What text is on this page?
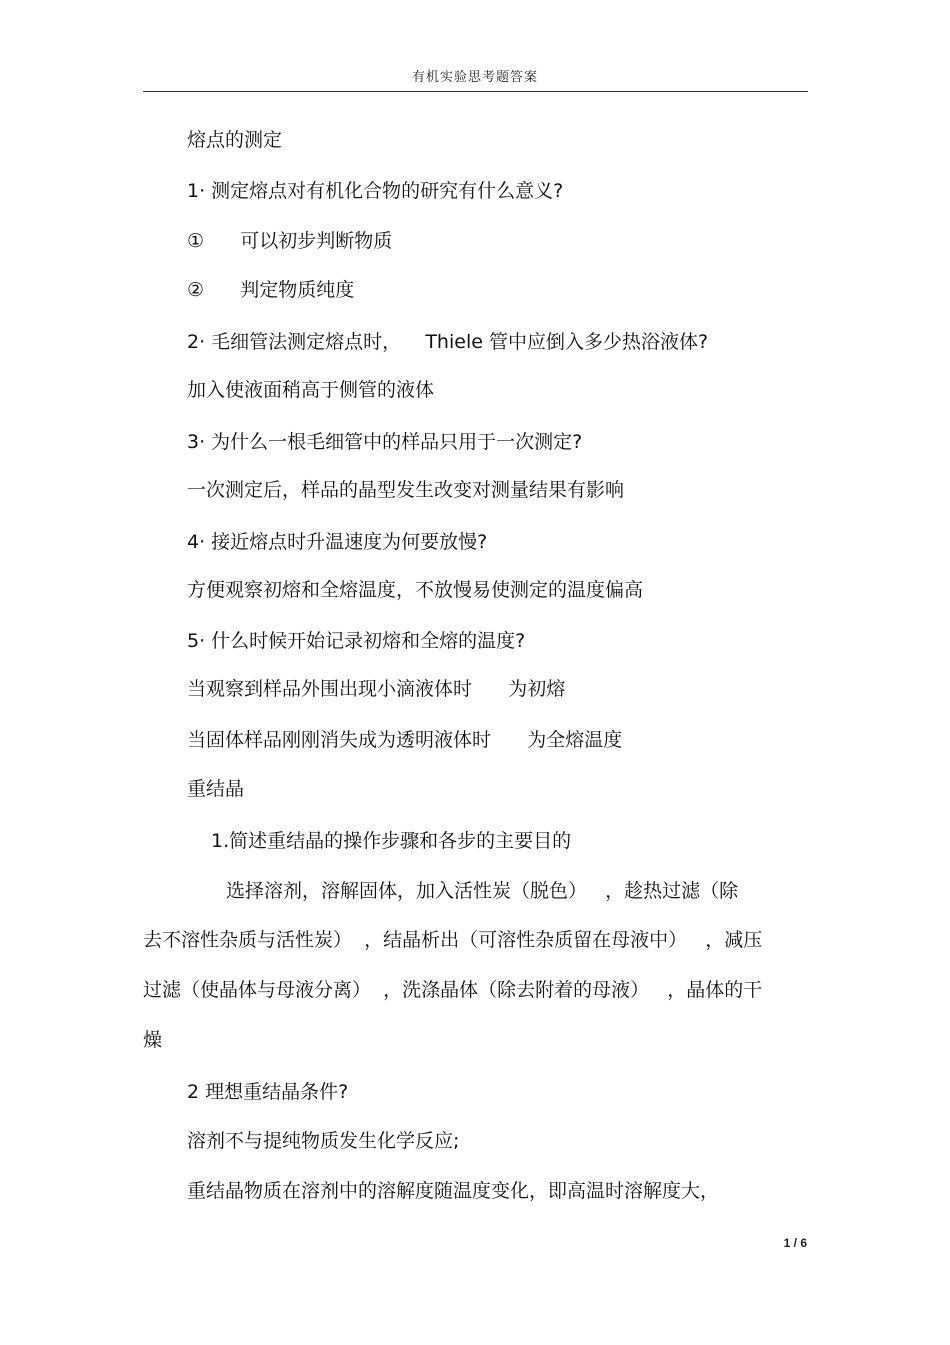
有机实验思考题答案
熔点的测定
1· 测定熔点对有机化合物的研究有什么意义?
①      可以初步判断物质
②      判定物质纯度
2· 毛细管法测定熔点时，    Thiele 管中应倒入多少热浴液体?
加入使液面稍高于侧管的液体
3· 为什么一根毛细管中的样品只用于一次测定?
一次测定后，样品的晶型发生改变对测量结果有影响
4· 接近熔点时升温速度为何要放慢?
方便观察初熔和全熔温度，不放慢易使测定的温度偏高
5· 什么时候开始记录初熔和全熔的温度?
当观察到样品外围出现小滴液体时      为初熔
当固体样品刚刚消失成为透明液体时      为全熔温度
重结晶
1.简述重结晶的操作步骤和各步的主要目的
选择溶剂，溶解固体，加入活性炭（脱色）   ，趁热过滤（除
去不溶性杂质与活性炭）  ，结晶析出（可溶性杂质留在母液中）   ，减压
过滤（使晶体与母液分离）  ，洗涤晶体（除去附着的母液）   ，晶体的干
燥
2 理想重结晶条件?
溶剂不与提纯物质发生化学反应;
重结晶物质在溶剂中的溶解度随温度变化，即高温时溶解度大，
1 / 6
